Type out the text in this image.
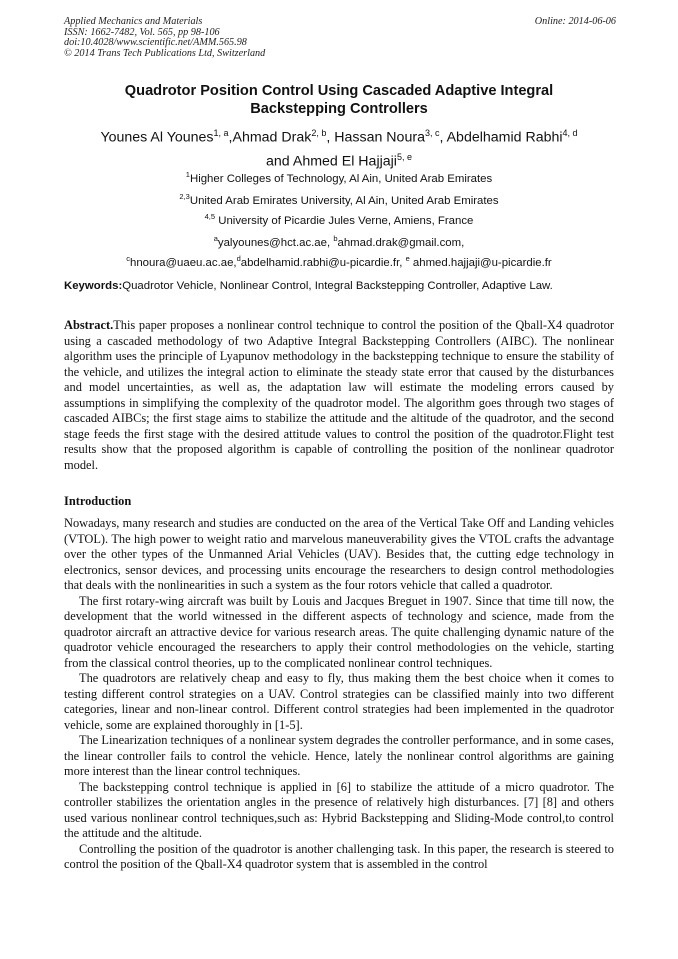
Applied Mechanics and Materials
ISSN: 1662-7482, Vol. 565, pp 98-106
doi:10.4028/www.scientific.net/AMM.565.98
© 2014 Trans Tech Publications Ltd, Switzerland
Online: 2014-06-06
Quadrotor Position Control Using Cascaded Adaptive Integral
Backstepping Controllers
Younes Al Younes$^{1, a}$,Ahmad Drak$^{2, b}$, Hassan Noura$^{3, c}$, Abdelhamid Rabhi$^{4, d}$
and Ahmed El Hajjaji$^{5, e}$
$^1$Higher Colleges of Technology, Al Ain, United Arab Emirates
$^{2,3}$United Arab Emirates University, Al Ain, United Arab Emirates
$^{4,5}$ University of Picardie Jules Verne, Amiens, France
$^a$yalyounes@hct.ac.ae, $^b$ahmad.drak@gmail.com,
$^c$hnoura@uaeu.ac.ae,$^d$abdelhamid.rabhi@u-picardie.fr, $^e$ ahmed.hajjaji@u-picardie.fr
Keywords:Quadrotor Vehicle, Nonlinear Control, Integral Backstepping Controller, Adaptive Law.

Abstract.This paper proposes a nonlinear control technique to control the position of the Qball-X4 quadrotor using a cascaded methodology of two Adaptive Integral Backstepping Controllers (AIBC). The nonlinear algorithm uses the principle of Lyapunov methodology in the backstepping technique to ensure the stability of the vehicle, and utilizes the integral action to eliminate the steady state error that caused by the disturbances and model uncertainties, as well as, the adaptation law will estimate the modeling errors caused by assumptions in simplifying the complexity of the quadrotor model. The algorithm goes through two stages of cascaded AIBCs; the first stage aims to stabilize the attitude and the altitude of the quadrotor, and the second stage feeds the first stage with the desired attitude values to control the position of the quadrotor.Flight test results show that the proposed algorithm is capable of controlling the position of the nonlinear quadrotor model.

Introduction

Nowadays, many research and studies are conducted on the area of the Vertical Take Off and Landing vehicles (VTOL). The high power to weight ratio and marvelous maneuverability gives the VTOL crafts the advantage over the other types of the Unmanned Arial Vehicles (UAV). Besides that, the cutting edge technology in electronics, sensor devices, and processing units encourage the researchers to design control methodologies that deals with the nonlinearities in such a system as the four rotors vehicle that called a quadrotor.

The first rotary-wing aircraft was built by Louis and Jacques Breguet in 1907. Since that time till now, the development that the world witnessed in the different aspects of technology and science, made from the quadrotor aircraft an attractive device for various research areas. The quite challenging dynamic nature of the quadrotor vehicle encouraged the researchers to apply their control methodologies on the vehicle, starting from the classical control theories, up to the complicated nonlinear control techniques.

The quadrotors are relatively cheap and easy to fly, thus making them the best choice when it comes to testing different control strategies on a UAV. Control strategies can be classified mainly into two different categories, linear and non-linear control. Different control strategies had been implemented in the quadrotor vehicle, some are explained thoroughly in [1-5].

The Linearization techniques of a nonlinear system degrades the controller performance, and in some cases, the linear controller fails to control the vehicle. Hence, lately the nonlinear control algorithms are gaining more interest than the linear control techniques.

The backstepping control technique is applied in [6] to stabilize the attitude of a micro quadrotor. The controller stabilizes the orientation angles in the presence of relatively high disturbances. [7] [8] and others used various nonlinear control techniques,such as: Hybrid Backstepping and Sliding-Mode control,to control the attitude and the altitude.

Controlling the position of the quadrotor is another challenging task. In this paper, the research is steered to control the position of the Qball-X4 quadrotor system that is assembled in the control
